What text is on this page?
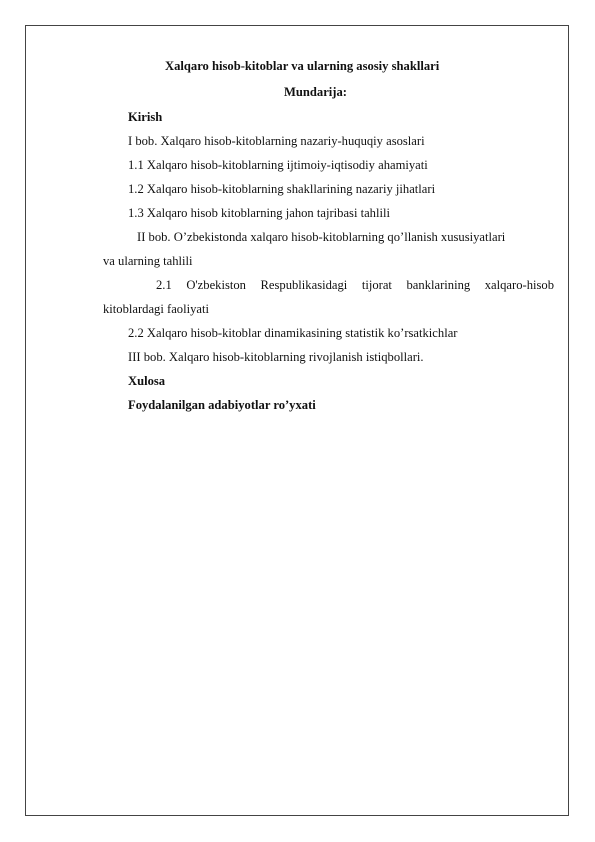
Xalqaro hisob-kitoblar va ularning asosiy shakllari
Mundarija:
Kirish
I bob. Xalqaro hisob-kitoblarning nazariy-huquqiy asoslari
1.1 Xalqaro hisob-kitoblarning ijtimoiy-iqtisodiy ahamiyati
1.2 Xalqaro hisob-kitoblarning shakllarining nazariy jihatlari
1.3 Xalqaro hisob kitoblarning jahon tajribasi tahlili
II bob. O’zbekistonda xalqaro hisob-kitoblarning qo’llanish xususiyatlari
va ularning tahlili
2.1 O'zbekiston Respublikasidagi tijorat banklarining xalqaro-hisob
kitoblardagi faoliyati
2.2 Xalqaro hisob-kitoblar dinamikasining statistik ko’rsatkichlar
III bob. Xalqaro hisob-kitoblarning rivojlanish istiqbollari.
Xulosa
Foydalanilgan adabiyotlar ro’yxati
